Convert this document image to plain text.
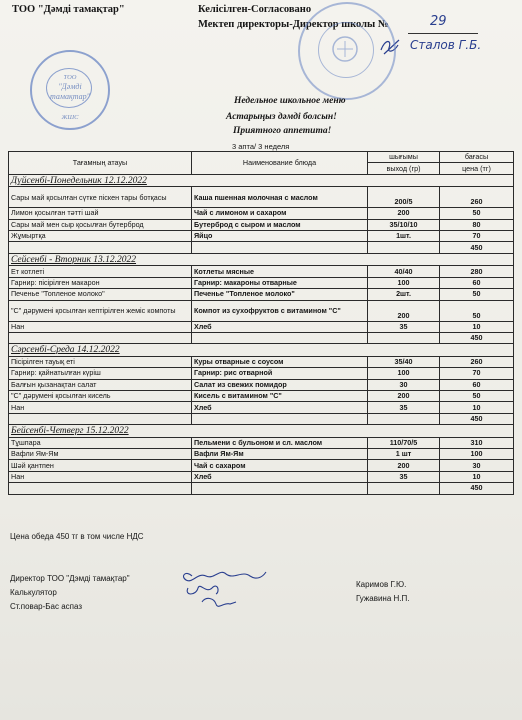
ТОО "Дәмді тамақтар"	Келісілген-Согласовано
Мектеп директоры-Директор школы №	29
Сталов Г.Б.
ТОО
"Дәмді
тамақтар"
ЖШС
Недельное школьное меню
Астарыңыз дәмді болсын!
Приятного аппетита!
3 апта/ 3 неделя
Тағамның атауы	Наименование блюда	шығымы	бағасы
		выход (гр)	цена (тг)
Дүйсенбі-Понедельник 12.12.2022			
Сары май қосылған сүтке піскен тары ботқасы	Каша пшенная молочная с маслом	200/5	260
Лимон қосылған тәтті шай	Чай с лимоном и сахаром	200	50
Сары май мен сыр қосылған бутерброд	Бутерброд с сыром и маслом	35/10/10	80
Жұмыртқа	Яйцо	1шт.	70
			450
Сейсенбі - Вторник 13.12.2022			
Ет котлеті	Котлеты мясные	40/40	280
Гарнир: пісірілген макарон	Гарнир: макароны отварные	100	60
Печенье "Топленое молоко"	Печенье "Топленое молоко"	2шт.	50
"С" дәрумені қосылған кептірілген жеміс компоты	Компот из сухофруктов с витамином "С"	200	50
Нан	Хлеб	35	10
			450
Сәрсенбі-Среда 14.12.2022			
Пісірілген тауық еті	Куры отварные с соусом	35/40	260
Гарнир: қайнатылған күріш	Гарнир: рис отварной	100	70
Балғын қызанақтан салат	Салат из свежих помидор	30	60
"С" дәрумені қосылған кисель	Кисель с витамином "С"	200	50
Нан	Хлеб	35	10
			450
Бейсенбі-Четверг 15.12.2022			
Тұшпара	Пельмени с бульоном и сл. маслом	110/70/5	310
Вафли Ям-Ям	Вафли Ям-Ям	1 шт	100
Шәй қантпен	Чай с сахаром	200	30
Нан	Хлеб	35	10
			450
Цена обеда 450 тг в том числе НДС
Директор ТОО "Дэмді тамақтар"
Каримов Г.Ю.
Калькулятор
Гужавина Н.П.
Ст.повар-Бас аспаз
